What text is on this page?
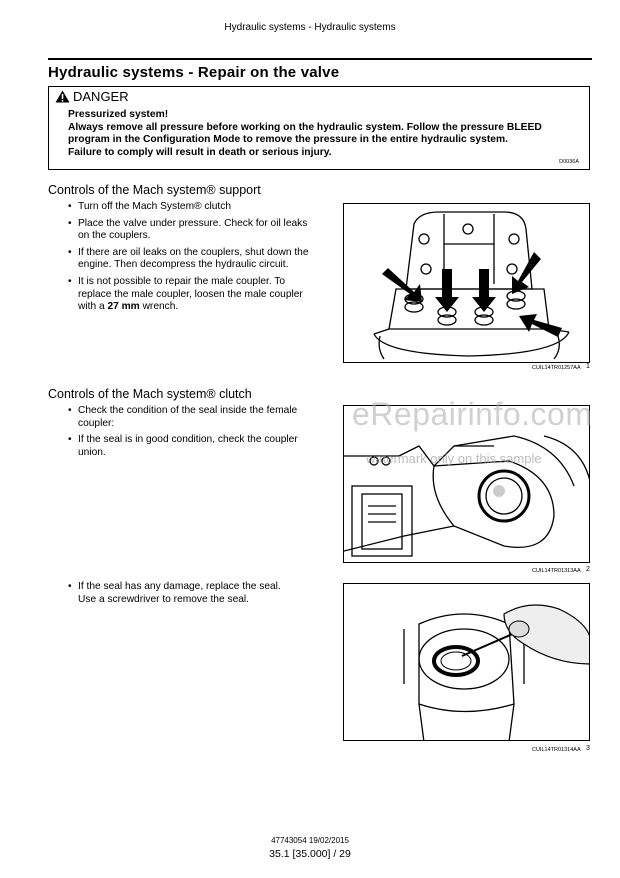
Hydraulic systems - Hydraulic systems
Hydraulic systems - Repair on the valve
DANGER
Pressurized system!
Always remove all pressure before working on the hydraulic system. Follow the pressure BLEED
program in the Configuration Mode to remove the pressure in the entire hydraulic system.
Failure to comply will result in death or serious injury.
D0036A
Controls of the Mach system® support
• Turn off the Mach System® clutch
• Place the valve under pressure. Check for oil leaks on the couplers.
• If there are oil leaks on the couplers, shut down the engine. Then decompress the hydraulic circuit.
• It is not possible to repair the male coupler. To replace the male coupler, loosen the male coupler with a 27 mm wrench.
CUIL14TR01257AA 1
Controls of the Mach system® clutch
• Check the condition of the seal inside the female coupler:
• If the seal is in good condition, check the coupler union.
CUIL14TR01313AA 2
• If the seal has any damage, replace the seal.
Use a screwdriver to remove the seal.
CUIL14TR01314AA 3
eRepairinfo.com
watermark only on this sample
47743054 19/02/2015
35.1 [35.000] / 29
